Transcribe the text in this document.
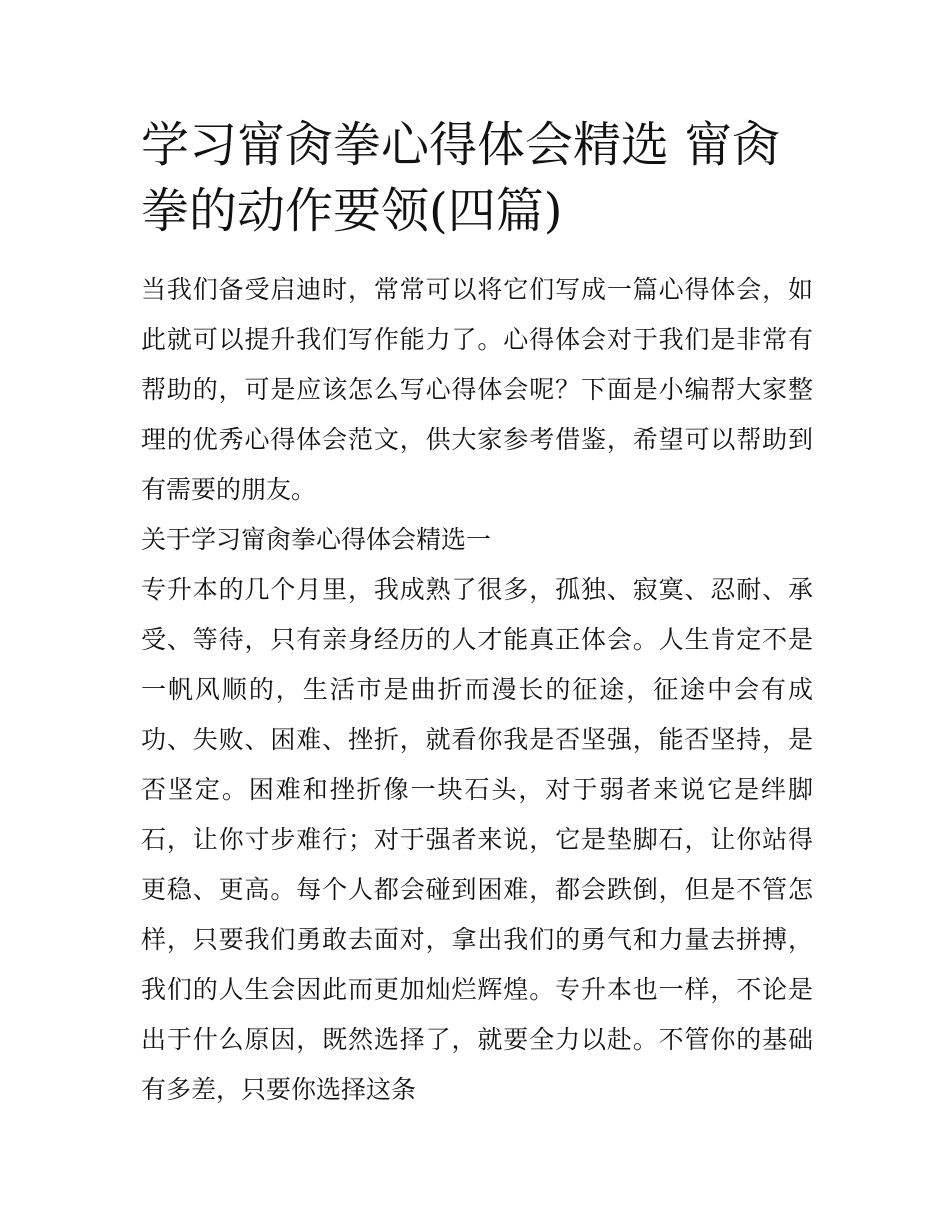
学习甯肏拳心得体会精选 甯肏拳的动作要领(四篇)

当我们备受启迪时，常常可以将它们写成一篇心得体会，如此就可以提升我们写作能力了。心得体会对于我们是非常有帮助的，可是应该怎么写心得体会呢？下面是小编帮大家整理的优秀心得体会范文，供大家参考借鉴，希望可以帮助到有需要的朋友。

关于学习甯肏拳心得体会精选一

专升本的几个月里，我成熟了很多，孤独、寂寞、忍耐、承受、等待，只有亲身经历的人才能真正体会。人生肯定不是一帆风顺的，生活市是曲折而漫长的征途，征途中会有成功、失败、困难、挫折，就看你我是否坚强，能否坚持，是否坚定。困难和挫折像一块石头，对于弱者来说它是绊脚石，让你寸步难行；对于强者来说，它是垫脚石，让你站得更稳、更高。每个人都会碰到困难，都会跌倒，但是不管怎样，只要我们勇敢去面对，拿出我们的勇气和力量去拼搏，我们的人生会因此而更加灿烂辉煌。专升本也一样，不论是出于什么原因，既然选择了，就要全力以赴。不管你的基础有多差，只要你选择这条
